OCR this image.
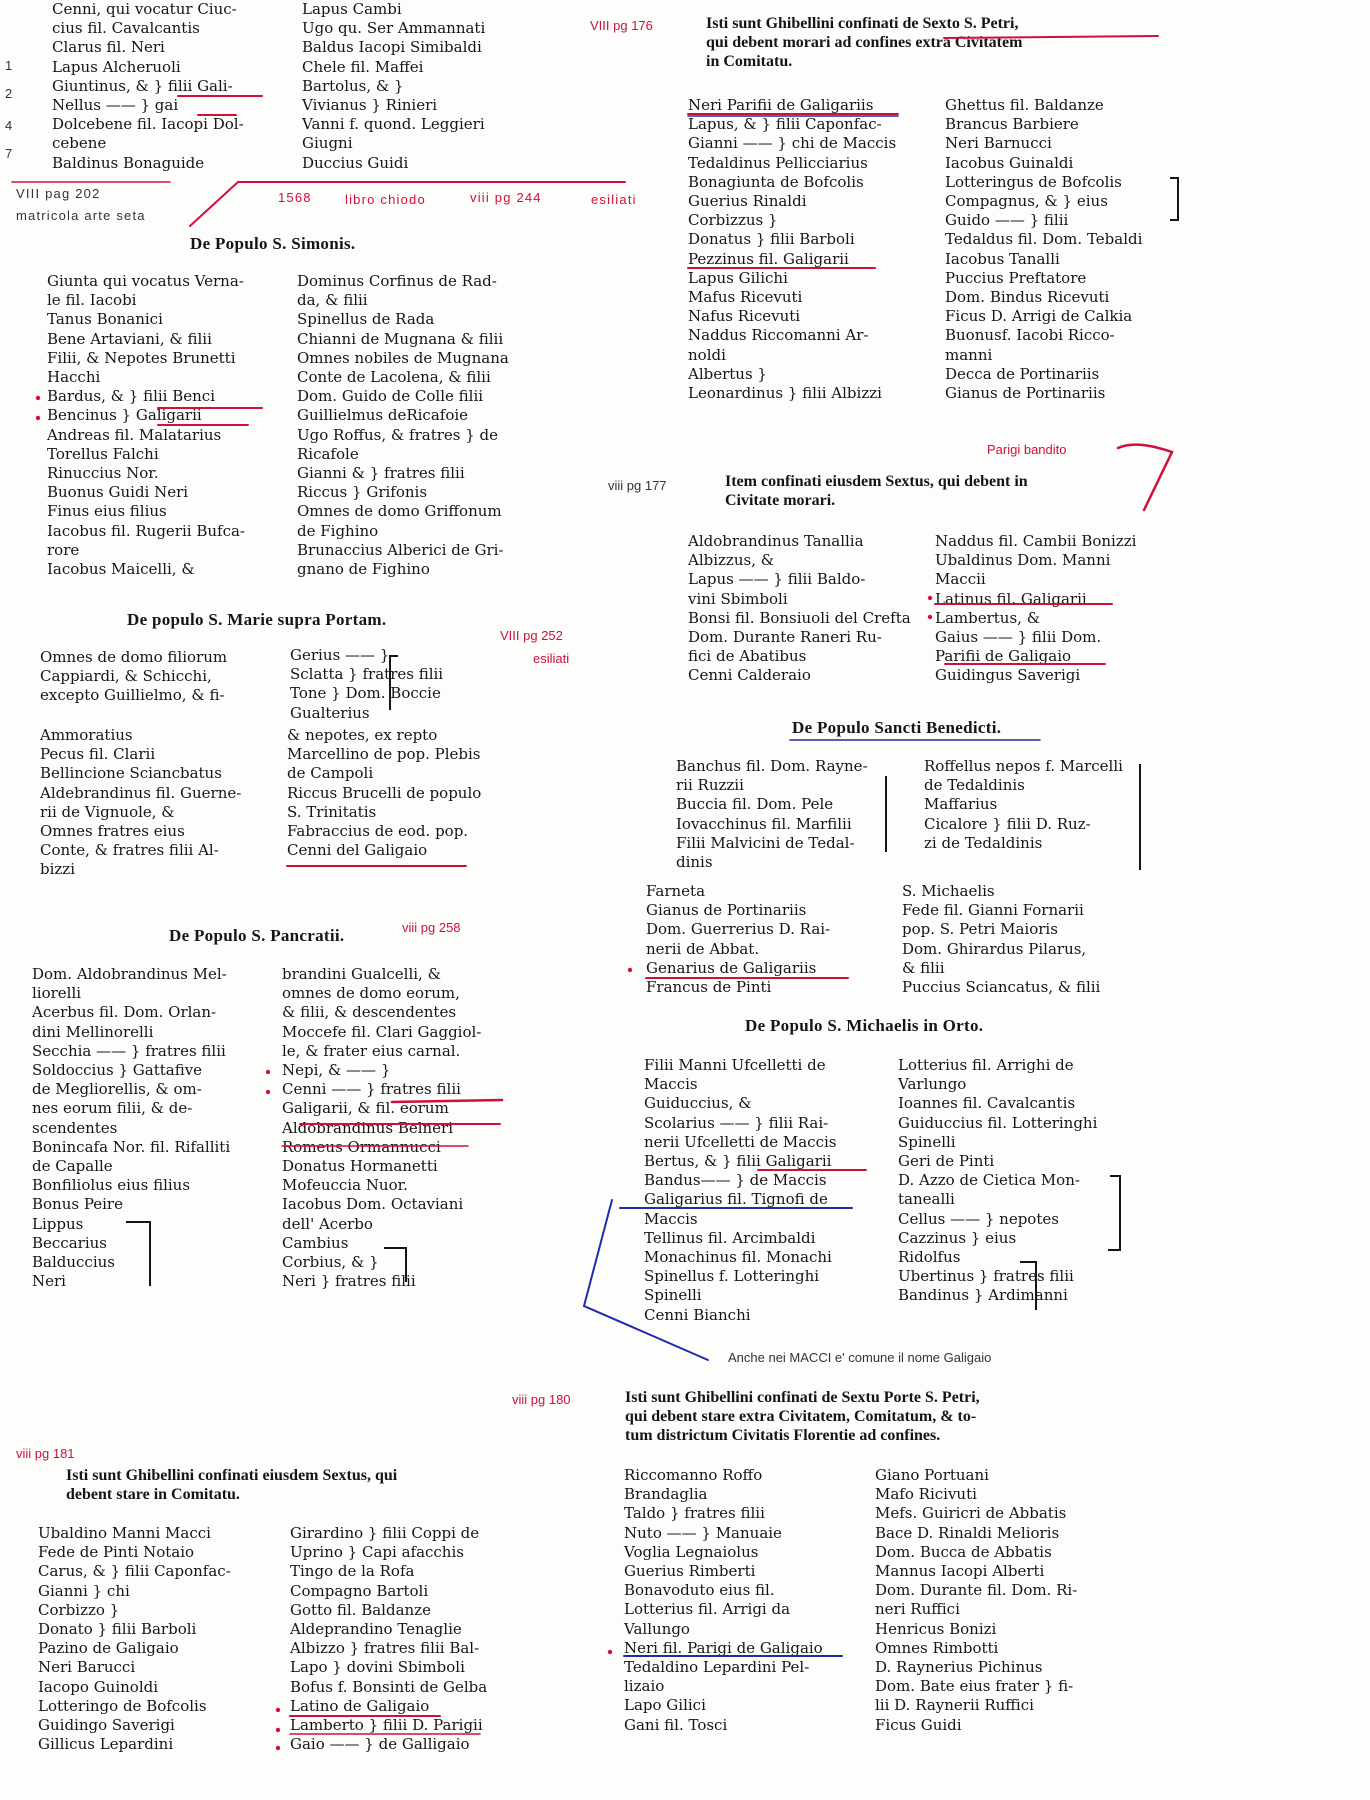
Cenni, qui vocatur Ciuc-
cius fil. Cavalcantis
Clarus fil. Neri
Lapus Alcheruoli
Giuntinus, & } filii Gali-
Nellus —— } gai
Dolcebene fil. Iacopi Dol-
cebene
Baldinus Bonaguide
Lapus Cambi
Ugo qu. Ser Ammannati
Baldus Iacopi Simibaldi
Chele fil. Maffei
Bartolus, & }
Vivianus } Rinieri
Vanni f. quond. Leggieri
Giugni
Duccius Guidi
1
2
4
7
VIII pag 202
matricola arte seta
1568	libro chiodo	viii pg 244	esiliati
De Populo S. Simonis.
Giunta qui vocatus Verna-
le fil. Iacobi
Tanus Bonanici
Bene Artaviani, & filii
Filii, & Nepotes Brunetti
Hacchi
Bardus, & } filii Benci
Bencinus } Galigarii
Andreas fil. Malatarius
Torellus Falchi
Rinuccius Nor.
Buonus Guidi Neri
Finus eius filius
Iacobus fil. Rugerii Bufca-
rore
Iacobus Maicelli, &
Dominus Corfinus de Rad-
da, & filii
Spinellus de Rada
Chianni de Mugnana & filii
Omnes nobiles de Mugnana
Conte de Lacolena, & filii
Dom. Guido de Colle filii
Guillielmus deRicafoie
Ugo Roffus, & fratres } de
Ricafole
Gianni & } fratres filii
Riccus } Grifonis
Omnes de domo Griffonum
de Fighino
Brunaccius Alberici de Gri-
gnano de Fighino
De populo S. Marie supra Portam.
VIII pg 252
esiliati
Omnes de domo filiorum
Cappiardi, & Schicchi,
excepto Guillielmo, & fi-
Gerius —— }
Sclatta } fratres filii
Tone } Dom. Boccie
Gualterius
Ammoratius
Pecus fil. Clarii
Bellincione Sciancbatus
Aldebrandinus fil. Guerne-
rii de Vignuole, &
Omnes fratres eius
Conte, & fratres filii Al-
bizzi
& nepotes, ex repto
Marcellino de pop. Plebis
de Campoli
Riccus Brucelli de populo
S. Trinitatis
Fabraccius de eod. pop.
Cenni del Galigaio
De Populo S. Pancratii.	viii pg 258
Dom. Aldobrandinus Mel-
liorelli
Acerbus fil. Dom. Orlan-
dini Mellinorelli
Secchia —— } fratres filii
Soldoccius } Gattafive
de Megliorellis, & om-
nes eorum filii, & de-
scendentes
Bonincafa Nor. fil. Rifalliti
de Capalle
Bonfiliolus eius filius
Bonus Peire
Lippus
Beccarius
Balduccius
Neri
brandini Gualcelli, &
omnes de domo eorum,
& filii, & descendentes
Moccefe fil. Clari Gaggiol-
le, & frater eius carnal.
Nepi, & —— }
Cenni —— } fratres filii
Galigarii, & fil. eorum
Aldobrandinus Belneri
Romeus Ormannucci
Donatus Hormanetti
Mofeuccia Nuor.
Iacobus Dom. Octaviani
dell' Acerbo
Cambius
Corbius, & }
Neri } fratres filii
VIII pg 176	Isti sunt Ghibellini confinati de Sexto S. Petri,
qui debent morari ad confines extra Civitatem
in Comitatu.
Neri Parifii de Galigariis
Lapus, & } filii Caponfac-
Gianni —— } chi de Maccis
Tedaldinus Pellicciarius
Bonagiunta de Bofcolis
Guerius Rinaldi
Corbizzus }
Donatus } filii Barboli
Pezzinus fil. Galigarii
Lapus Gilichi
Mafus Ricevuti
Nafus Ricevuti
Naddus Riccomanni Ar-
noldi
Albertus }
Leonardinus } filii Albizzi
Ghettus fil. Baldanze
Brancus Barbiere
Neri Barnucci
Iacobus Guinaldi
Lotteringus de Bofcolis
Compagnus, & } eius
Guido —— } filii
Tedaldus fil. Dom. Tebaldi
Iacobus Tanalli
Puccius Preftatore
Dom. Bindus Ricevuti
Ficus D. Arrigi de Calkia
Buonusf. Iacobi Ricco-
manni
Decca de Portinariis
Gianus de Portinariis
Parigi bandito
viii pg 177	Item confinati eiusdem Sextus, qui debent in
Civitate morari.
Aldobrandinus Tanallia
Albizzus, &
Lapus —— } filii Baldo-
vini Sbimboli
Bonsi fil. Bonsiuoli del Crefta
Dom. Durante Raneri Ru-
fici de Abatibus
Cenni Calderaio
Naddus fil. Cambii Bonizzi
Ubaldinus Dom. Manni
Maccii
Latinus fil. Galigarii
Lambertus, &
Gaius —— } filii Dom.
Parifii de Galigaio
Guidingus Saverigi
De Populo Sancti Benedicti.
Banchus fil. Dom. Rayne-
rii Ruzzii
Buccia fil. Dom. Pele
Iovacchinus fil. Marfilii
Filii Malvicini de Tedal-
dinis
Roffellus nepos f. Marcelli
de Tedaldinis
Maffarius
Cicalore } filii D. Ruz-
zi de Tedaldinis
Farneta
Gianus de Portinariis
Dom. Guerrerius D. Rai-
nerii de Abbat.
Genarius de Galigariis
Francus de Pinti
S. Michaelis
Fede fil. Gianni Fornarii
pop. S. Petri Maioris
Dom. Ghirardus Pilarus,
& filii
Puccius Sciancatus, & filii
De Populo S. Michaelis in Orto.
Filii Manni Ufcelletti de
Maccis
Guiduccius, &
Scolarius —— } filii Rai-
nerii Ufcelletti de Maccis
Bertus, & } filii Galigarii
Bandus—— } de Maccis
Galigarius fil. Tignofi de
Maccis
Tellinus fil. Arcimbaldi
Monachinus fil. Monachi
Spinellus f. Lotteringhi
Spinelli
Cenni Bianchi
Lotterius fil. Arrighi de
Varlungo
Ioannes fil. Cavalcantis
Guiduccius fil. Lotteringhi
Spinelli
Geri de Pinti
D. Azzo de Cietica Mon-
tanealli
Cellus —— } nepotes
Cazzinus } eius
Ridolfus
Ubertinus } fratres filii
Bandinus } Ardimanni
Anche nei MACCI e' comune il nome Galigaio
viii pg 180	Isti sunt Ghibellini confinati de Sextu Porte S. Petri,
qui debent stare extra Civitatem, Comitatum, & to-
tum districtum Civitatis Florentie ad confines.
Riccomanno Roffo
Brandaglia
Taldo } fratres filii
Nuto —— } Manuaie
Voglia Legnaiolus
Guerius Rimberti
Bonavoduto eius fil.
Lotterius fil. Arrigi da
Vallungo
Neri fil. Parigi de Galigaio
Tedaldino Lepardini Pel-
lizaio
Lapo Gilici
Gani fil. Tosci
Giano Portuani
Mafo Ricivuti
Mefs. Guiricri de Abbatis
Bace D. Rinaldi Melioris
Dom. Bucca de Abbatis
Mannus Iacopi Alberti
Dom. Durante fil. Dom. Ri-
neri Ruffici
Henricus Bonizi
Omnes Rimbotti
D. Raynerius Pichinus
Dom. Bate eius frater } fi-
lii D. Raynerii Ruffici
Ficus Guidi
viii pg 181
Isti sunt Ghibellini confinati eiusdem Sextus, qui
debent stare in Comitatu.
Ubaldino Manni Macci
Fede de Pinti Notaio
Carus, & } filii Caponfac-
Gianni } chi
Corbizzo }
Donato } filii Barboli
Pazino de Galigaio
Neri Barucci
Iacopo Guinoldi
Lotteringo de Bofcolis
Guidingo Saverigi
Gillicus Lepardini
Girardino } filii Coppi de
Uprino } Capi afacchis
Tingo de la Rofa
Compagno Bartoli
Gotto fil. Baldanze
Aldeprandino Tenaglie
Albizzo } fratres filii Bal-
Lapo } dovini Sbimboli
Bofus f. Bonsinti de Gelba
Latino de Galigaio
Lamberto } filii D. Parigii
Gaio —— } de Galligaio
